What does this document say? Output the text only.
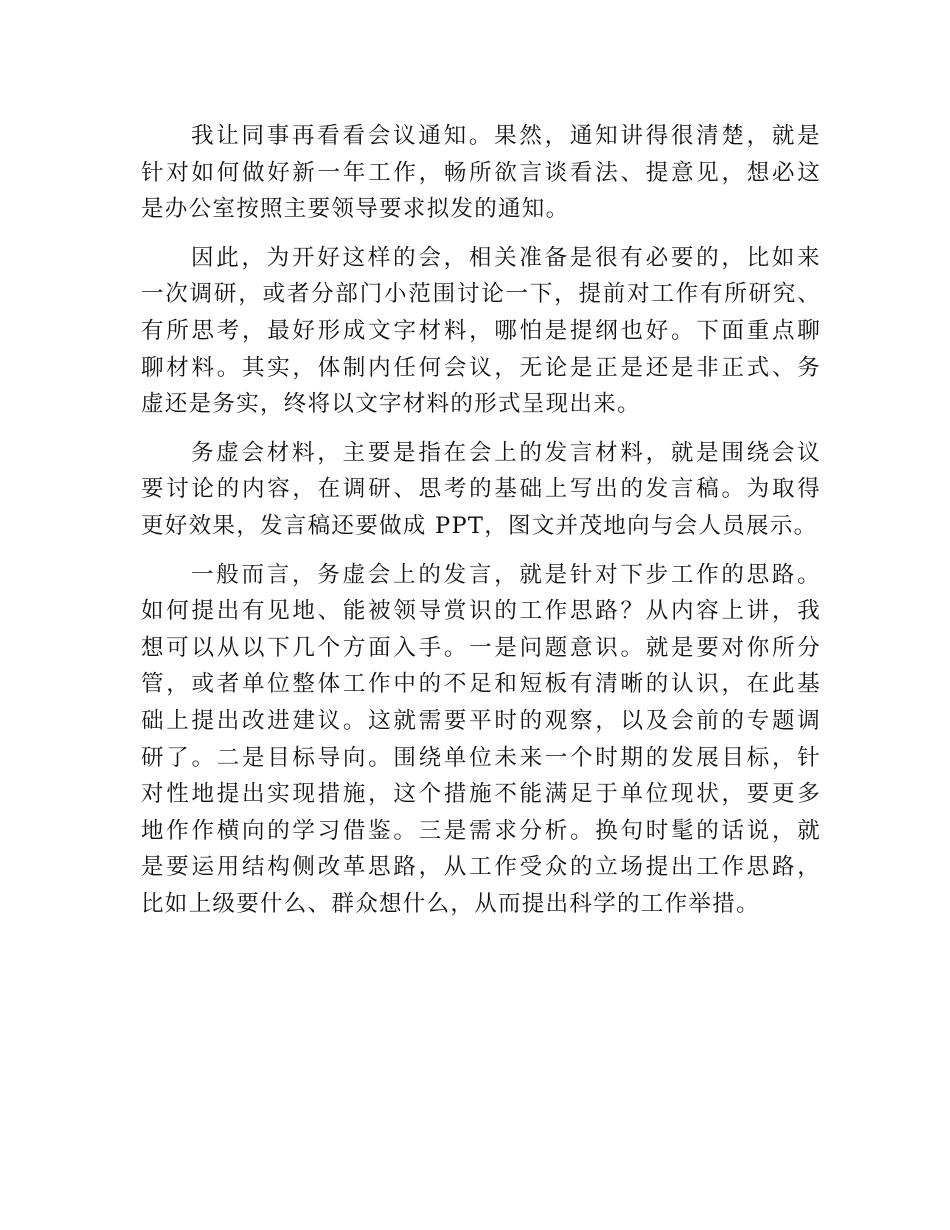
我让同事再看看会议通知。果然，通知讲得很清楚，就是 针对如何做好新一年工作，畅所欲言谈看法、提意见，想必这 是办公室按照主要领导要求拟发的通知。

因此，为开好这样的会，相关准备是很有必要的，比如来 一次调研，或者分部门小范围讨论一下，提前对工作有所研究、 有所思考，最好形成文字材料，哪怕是提纲也好。下面重点聊 聊材料。其实，体制内任何会议，无论是正是还是非正式、务 虚还是务实，终将以文字材料的形式呈现出来。

务虚会材料，主要是指在会上的发言材料，就是围绕会议 要讨论的内容，在调研、思考的基础上写出的发言稿。为取得 更好效果，发言稿还要做成 PPT，图文并茂地向与会人员展示。

一般而言，务虚会上的发言，就是针对下步工作的思路。 如何提出有见地、能被领导赏识的工作思路？从内容上讲，我 想可以从以下几个方面入手。一是问题意识。就是要对你所分 管，或者单位整体工作中的不足和短板有清晰的认识，在此基 础上提出改进建议。这就需要平时的观察，以及会前的专题调 研了。二是目标导向。围绕单位未来一个时期的发展目标，针 对性地提出实现措施，这个措施不能满足于单位现状，要更多 地作作横向的学习借鉴。三是需求分析。换句时髦的话说，就 是要运用结构侧改革思路，从工作受众的立场提出工作思路， 比如上级要什么、群众想什么，从而提出科学的工作举措。
